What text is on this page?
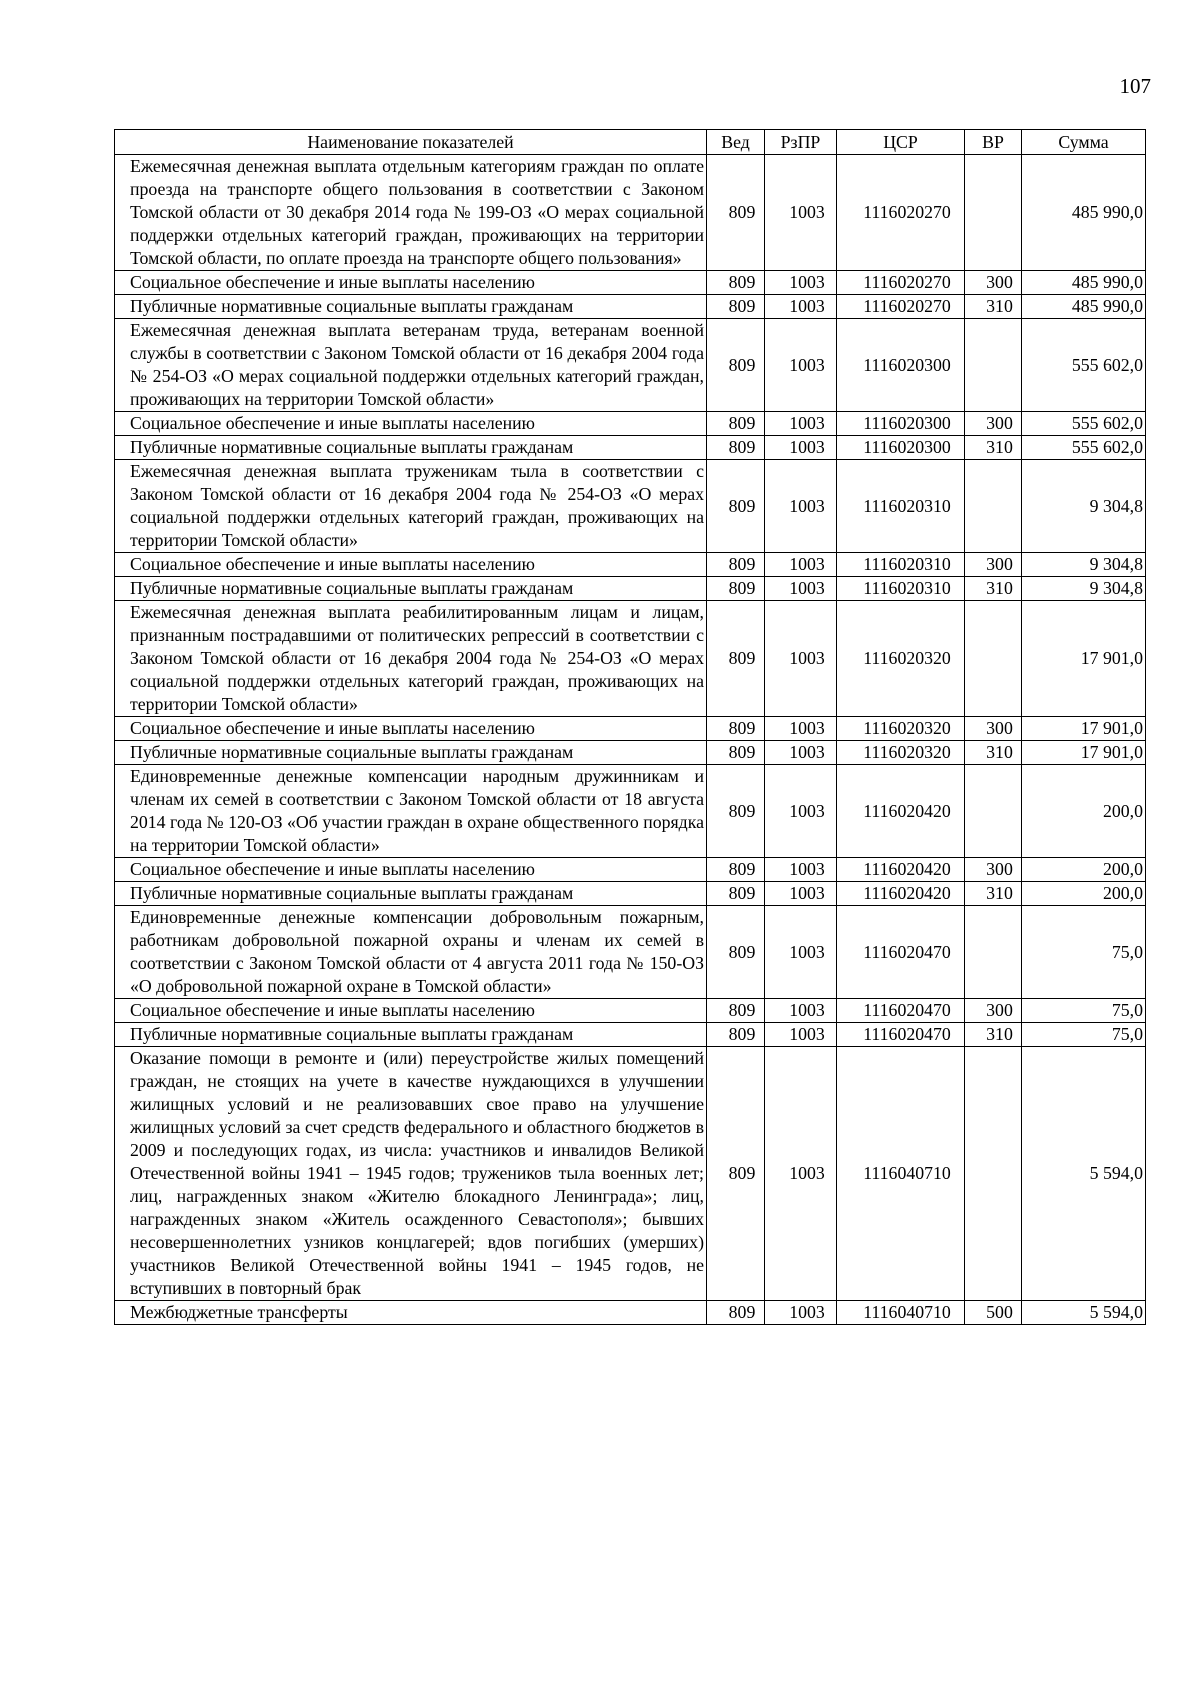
107
Наименование показателей	Вед	РзПР	ЦСР	ВР	Сумма
Ежемесячная денежная выплата отдельным категориям граждан по оплате проезда на транспорте общего пользования в соответствии с Законом Томской области от 30 декабря 2014 года № 199-ОЗ «О мерах социальной поддержки отдельных категорий граждан, проживающих на территории Томской области, по оплате проезда на транспорте общего пользования»	809	1003	1116020270		485 990,0
Социальное обеспечение и иные выплаты населению	809	1003	1116020270	300	485 990,0
Публичные нормативные социальные выплаты гражданам	809	1003	1116020270	310	485 990,0
Ежемесячная денежная выплата ветеранам труда, ветеранам военной службы в соответствии с Законом Томской области от 16 декабря 2004 года № 254-ОЗ «О мерах социальной поддержки отдельных категорий граждан, проживающих на территории Томской области»	809	1003	1116020300		555 602,0
Социальное обеспечение и иные выплаты населению	809	1003	1116020300	300	555 602,0
Публичные нормативные социальные выплаты гражданам	809	1003	1116020300	310	555 602,0
Ежемесячная денежная выплата труженикам тыла в соответствии с Законом Томской области от 16 декабря 2004 года № 254-ОЗ «О мерах социальной поддержки отдельных категорий граждан, проживающих на территории Томской области»	809	1003	1116020310		9 304,8
Социальное обеспечение и иные выплаты населению	809	1003	1116020310	300	9 304,8
Публичные нормативные социальные выплаты гражданам	809	1003	1116020310	310	9 304,8
Ежемесячная денежная выплата реабилитированным лицам и лицам, признанным пострадавшими от политических репрессий в соответствии с Законом Томской области от 16 декабря 2004 года № 254-ОЗ «О мерах социальной поддержки отдельных категорий граждан, проживающих на территории Томской области»	809	1003	1116020320		17 901,0
Социальное обеспечение и иные выплаты населению	809	1003	1116020320	300	17 901,0
Публичные нормативные социальные выплаты гражданам	809	1003	1116020320	310	17 901,0
Единовременные денежные компенсации народным дружинникам и членам их семей в соответствии с Законом Томской области от 18 августа 2014 года № 120-ОЗ «Об участии граждан в охране общественного порядка на территории Томской области»	809	1003	1116020420		200,0
Социальное обеспечение и иные выплаты населению	809	1003	1116020420	300	200,0
Публичные нормативные социальные выплаты гражданам	809	1003	1116020420	310	200,0
Единовременные денежные компенсации добровольным пожарным, работникам добровольной пожарной охраны и членам их семей в соответствии с Законом Томской области от 4 августа 2011 года № 150-ОЗ «О добровольной пожарной охране в Томской области»	809	1003	1116020470		75,0
Социальное обеспечение и иные выплаты населению	809	1003	1116020470	300	75,0
Публичные нормативные социальные выплаты гражданам	809	1003	1116020470	310	75,0
Оказание помощи в ремонте и (или) переустройстве жилых помещений граждан, не стоящих на учете в качестве нуждающихся в улучшении жилищных условий и не реализовавших свое право на улучшение жилищных условий за счет средств федерального и областного бюджетов в 2009 и последующих годах, из числа: участников и инвалидов Великой Отечественной войны 1941 – 1945 годов; тружеников тыла военных лет; лиц, награжденных знаком «Жителю блокадного Ленинграда»; лиц, награжденных знаком «Житель осажденного Севастополя»; бывших несовершеннолетних узников концлагерей; вдов погибших (умерших) участников Великой Отечественной войны 1941 – 1945 годов, не вступивших в повторный брак	809	1003	1116040710		5 594,0
Межбюджетные трансферты	809	1003	1116040710	500	5 594,0
